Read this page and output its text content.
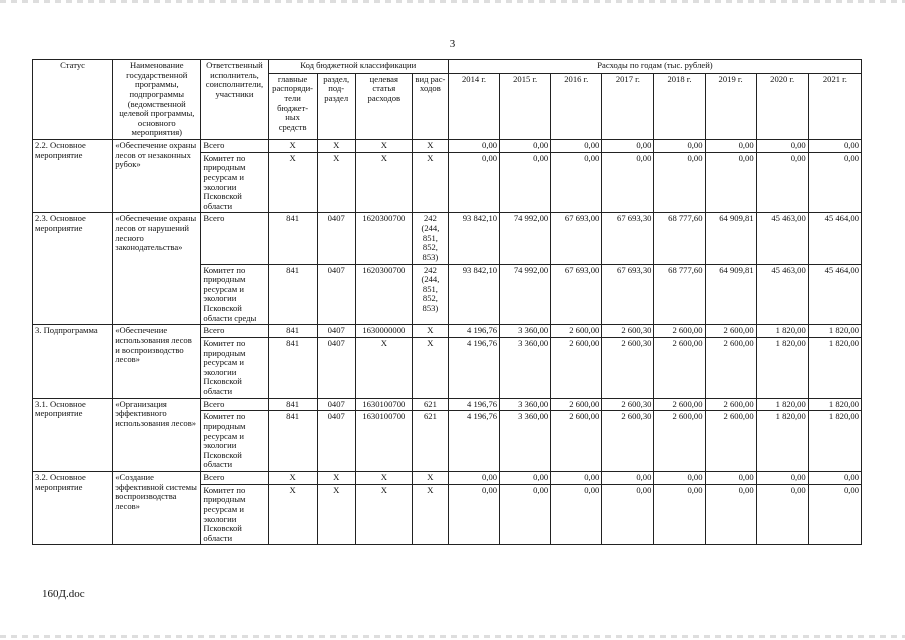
3
Статус	Наименование государственной программы, подпрограммы (ведомственной целевой программы, основного мероприятия)	Ответственный исполнитель, соисполнители, участники	Код бюджетной классификации				Расходы по годам (тыс. рублей)							
			главные распоряди-тели бюджет-ных средств	раздел, под-раздел	целевая статья расходов	вид рас-ходов	2014 г.	2015 г.	2016 г.	2017 г.	2018 г.	2019 г.	2020 г.	2021 г.
2.2. Основное мероприятие	«Обеспечение охраны лесов от незаконных рубок»	Всего	X	X	X	X	0,00	0,00	0,00	0,00	0,00	0,00	0,00	0,00
		Комитет по природным ресурсам и экологии Псковской области	X	X	X	X	0,00	0,00	0,00	0,00	0,00	0,00	0,00	0,00
2.3. Основное мероприятие	«Обеспечение охраны лесов от нарушений лесного законодательства»	Всего	841	0407	1620300700	242 (244, 851, 852, 853)	93 842,10	74 992,00	67 693,00	67 693,30	68 777,60	64 909,81	45 463,00	45 464,00
		Комитет по природным ресурсам и экологии Псковской области среды	841	0407	1620300700	242 (244, 851, 852, 853)	93 842,10	74 992,00	67 693,00	67 693,30	68 777,60	64 909,81	45 463,00	45 464,00
3. Подпрограмма	«Обеспечение использования лесов и воспроизводство лесов»	Всего	841	0407	1630000000	X	4 196,76	3 360,00	2 600,00	2 600,30	2 600,00	2 600,00	1 820,00	1 820,00
		Комитет по природным ресурсам и экологии Псковской области	841	0407	X	X	4 196,76	3 360,00	2 600,00	2 600,30	2 600,00	2 600,00	1 820,00	1 820,00
3.1. Основное мероприятие	«Организация эффективного использования лесов»	Всего	841	0407	1630100700	621	4 196,76	3 360,00	2 600,00	2 600,30	2 600,00	2 600,00	1 820,00	1 820,00
		Комитет по природным ресурсам и экологии Псковской области	841	0407	1630100700	621	4 196,76	3 360,00	2 600,00	2 600,30	2 600,00	2 600,00	1 820,00	1 820,00
3.2. Основное мероприятие	«Создание эффективной системы воспроизводства лесов»	Всего	X	X	X	X	0,00	0,00	0,00	0,00	0,00	0,00	0,00	0,00
		Комитет по природным ресурсам и экологии Псковской области	X	X	X	X	0,00	0,00	0,00	0,00	0,00	0,00	0,00	0,00
160Д.doc
